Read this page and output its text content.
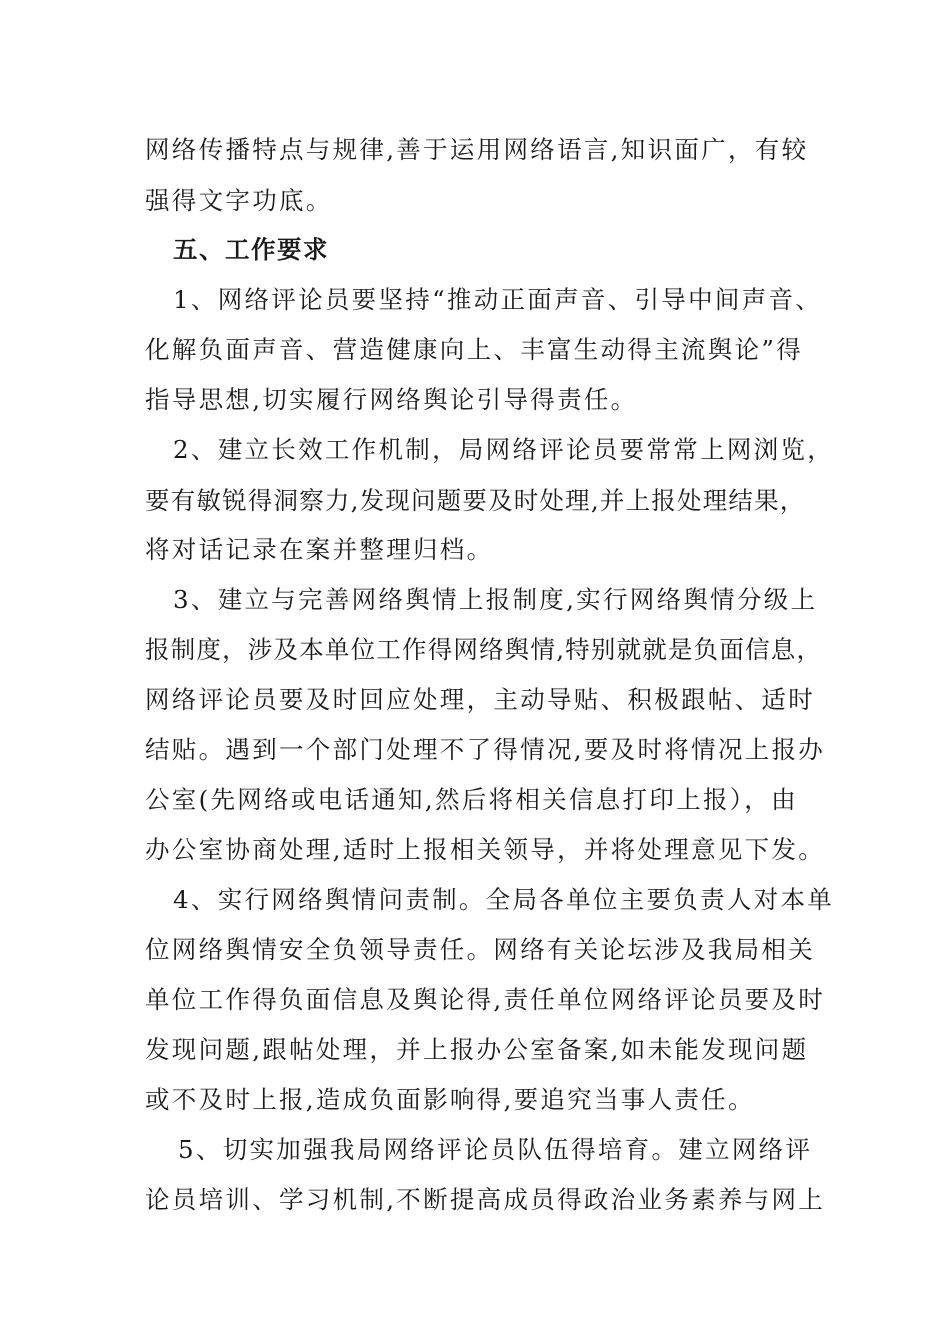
网络传播特点与规律,善于运用网络语言,知识面广，有较
强得文字功底。
五、工作要求
1、网络评论员要坚持“推动正面声音、引导中间声音、
化解负面声音、营造健康向上、丰富生动得主流舆论”得
指导思想,切实履行网络舆论引导得责任。
2、建立长效工作机制，局网络评论员要常常上网浏览，
要有敏锐得洞察力,发现问题要及时处理,并上报处理结果，
将对话记录在案并整理归档。
3、建立与完善网络舆情上报制度,实行网络舆情分级上
报制度，涉及本单位工作得网络舆情,特别就就是负面信息，
网络评论员要及时回应处理，主动导贴、积极跟帖、适时
结贴。遇到一个部门处理不了得情况,要及时将情况上报办
公室(先网络或电话通知,然后将相关信息打印上报），由
办公室协商处理,适时上报相关领导，并将处理意见下发。
4、实行网络舆情问责制。全局各单位主要负责人对本单
位网络舆情安全负领导责任。网络有关论坛涉及我局相关
单位工作得负面信息及舆论得,责任单位网络评论员要及时
发现问题,跟帖处理，并上报办公室备案,如未能发现问题
或不及时上报,造成负面影响得,要追究当事人责任。
5、切实加强我局网络评论员队伍得培育。建立网络评
论员培训、学习机制,不断提高成员得政治业务素养与网上
